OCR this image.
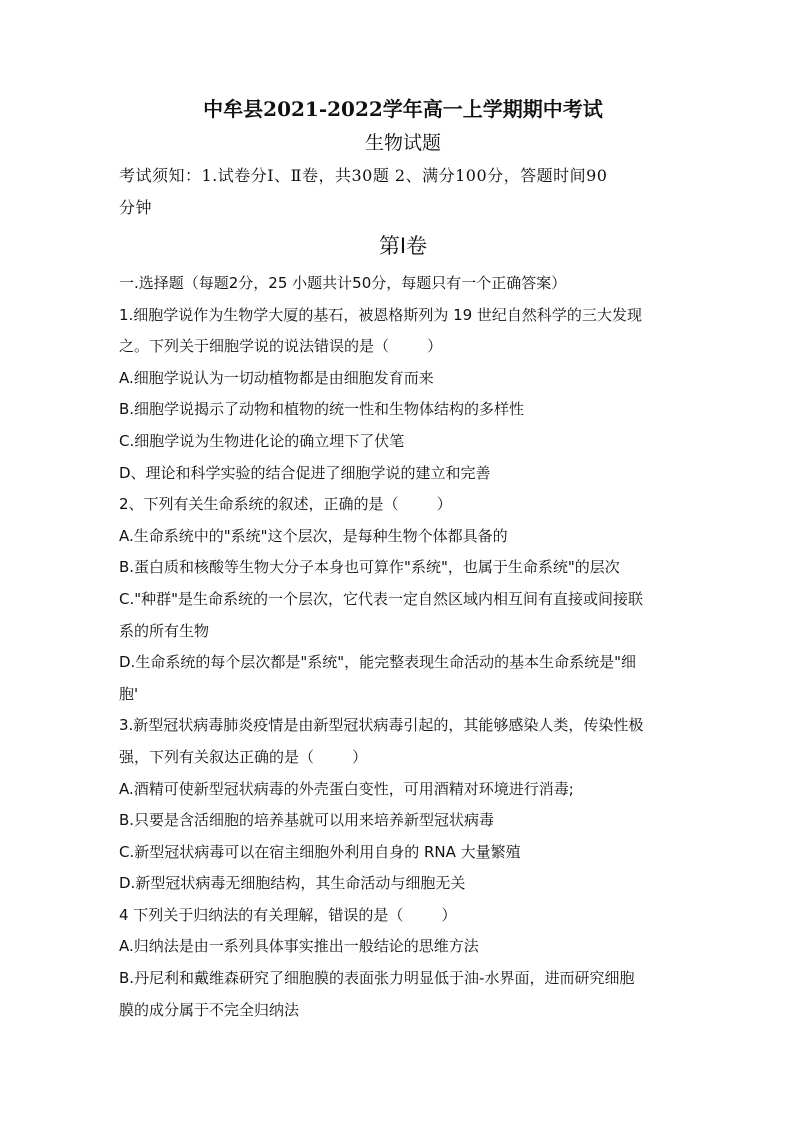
中牟县2021-2022学年高一上学期期中考试
生物试题
考试须知：1.试卷分Ⅰ、Ⅱ卷，共30题 2、满分100分，答题时间90
分钟
第Ⅰ卷
一.选择题（每题2分，25 小题共计50分，每题只有一个正确答案）
1.细胞学说作为生物学大厦的基石，被恩格斯列为 19 世纪自然科学的三大发现
之。下列关于细胞学说的说法错误的是（        ）
A.细胞学说认为一切动植物都是由细胞发育而来
B.细胞学说揭示了动物和植物的统一性和生物体结构的多样性
C.细胞学说为生物进化论的确立埋下了伏笔
D、理论和科学实验的结合促进了细胞学说的建立和完善
2、下列有关生命系统的叙述，正确的是（        ）
A.生命系统中的"系统"这个层次，是每种生物个体都具备的
B.蛋白质和核酸等生物大分子本身也可算作"系统"，也属于生命系统"的层次
C."种群"是生命系统的一个层次，它代表一定自然区域内相互间有直接或间接联
系的所有生物
D.生命系统的每个层次都是"系统"，能完整表现生命活动的基本生命系统是"细
胞'
3.新型冠状病毒肺炎疫情是由新型冠状病毒引起的，其能够感染人类，传染性极
强，下列有关叙达正确的是（        ）
A.酒精可使新型冠状病毒的外壳蛋白变性，可用酒精对环境进行消毒;
B.只要是含活细胞的培养基就可以用来培养新型冠状病毒
C.新型冠状病毒可以在宿主细胞外利用自身的 RNA 大量繁殖
D.新型冠状病毒无细胞结构，其生命活动与细胞无关
4 下列关于归纳法的有关理解，错误的是（        ）
A.归纳法是由一系列具体事实推出一般结论的思维方法
B.丹尼利和戴维森研究了细胞膜的表面张力明显低于油-水界面，进而研究细胞
膜的成分属于不完全归纳法
